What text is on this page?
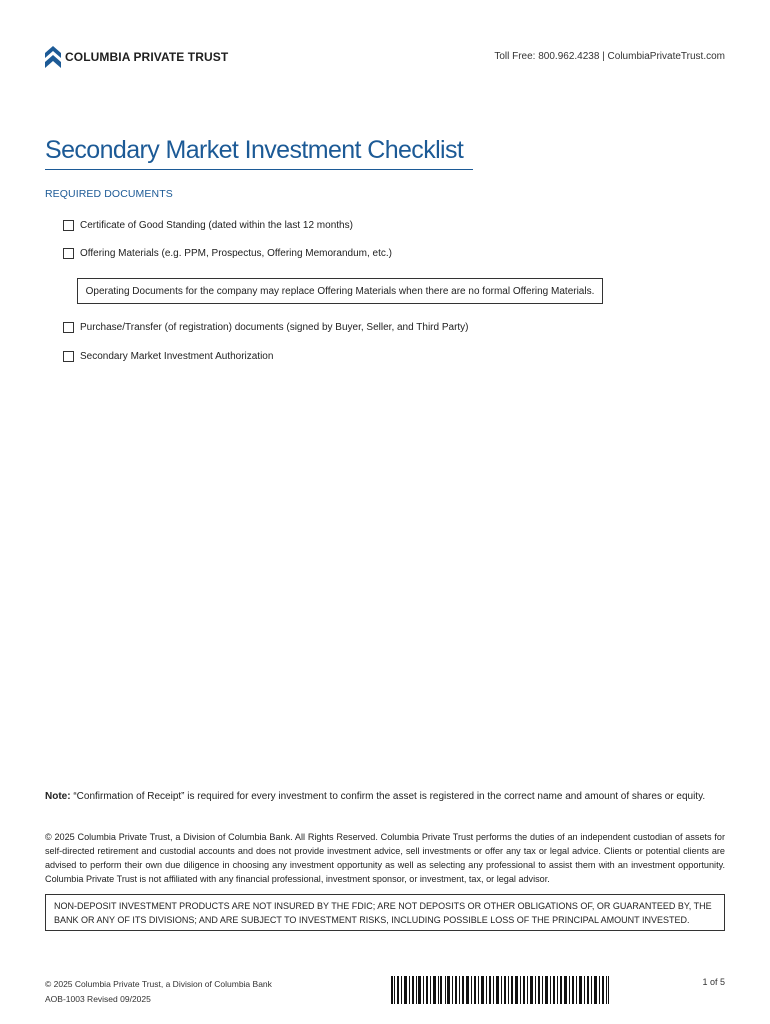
COLUMBIA PRIVATE TRUST	Toll Free: 800.962.4238 | ColumbiaPrivateTrust.com
Secondary Market Investment Checklist
REQUIRED DOCUMENTS
Certificate of Good Standing (dated within the last 12 months)
Offering Materials (e.g. PPM, Prospectus, Offering Memorandum, etc.)
Operating Documents for the company may replace Offering Materials when there are no formal Offering Materials.
Purchase/Transfer (of registration) documents (signed by Buyer, Seller, and Third Party)
Secondary Market Investment Authorization
Note: “Confirmation of Receipt” is required for every investment to confirm the asset is registered in the correct name and amount of shares or equity.
© 2025 Columbia Private Trust, a Division of Columbia Bank. All Rights Reserved. Columbia Private Trust performs the duties of an independent custodian of assets for self-directed retirement and custodial accounts and does not provide investment advice, sell investments or offer any tax or legal advice. Clients or potential clients are advised to perform their own due diligence in choosing any investment opportunity as well as selecting any professional to assist them with an investment opportunity. Columbia Private Trust is not affiliated with any financial professional, investment sponsor, or investment, tax, or legal advisor.
NON-DEPOSIT INVESTMENT PRODUCTS ARE NOT INSURED BY THE FDIC; ARE NOT DEPOSITS OR OTHER OBLIGATIONS OF, OR GUARANTEED BY, THE BANK OR ANY OF ITS DIVISIONS; AND ARE SUBJECT TO INVESTMENT RISKS, INCLUDING POSSIBLE LOSS OF THE PRINCIPAL AMOUNT INVESTED.
© 2025 Columbia Private Trust, a Division of Columbia Bank
AOB-1003 Revised 09/2025
1 of 5
